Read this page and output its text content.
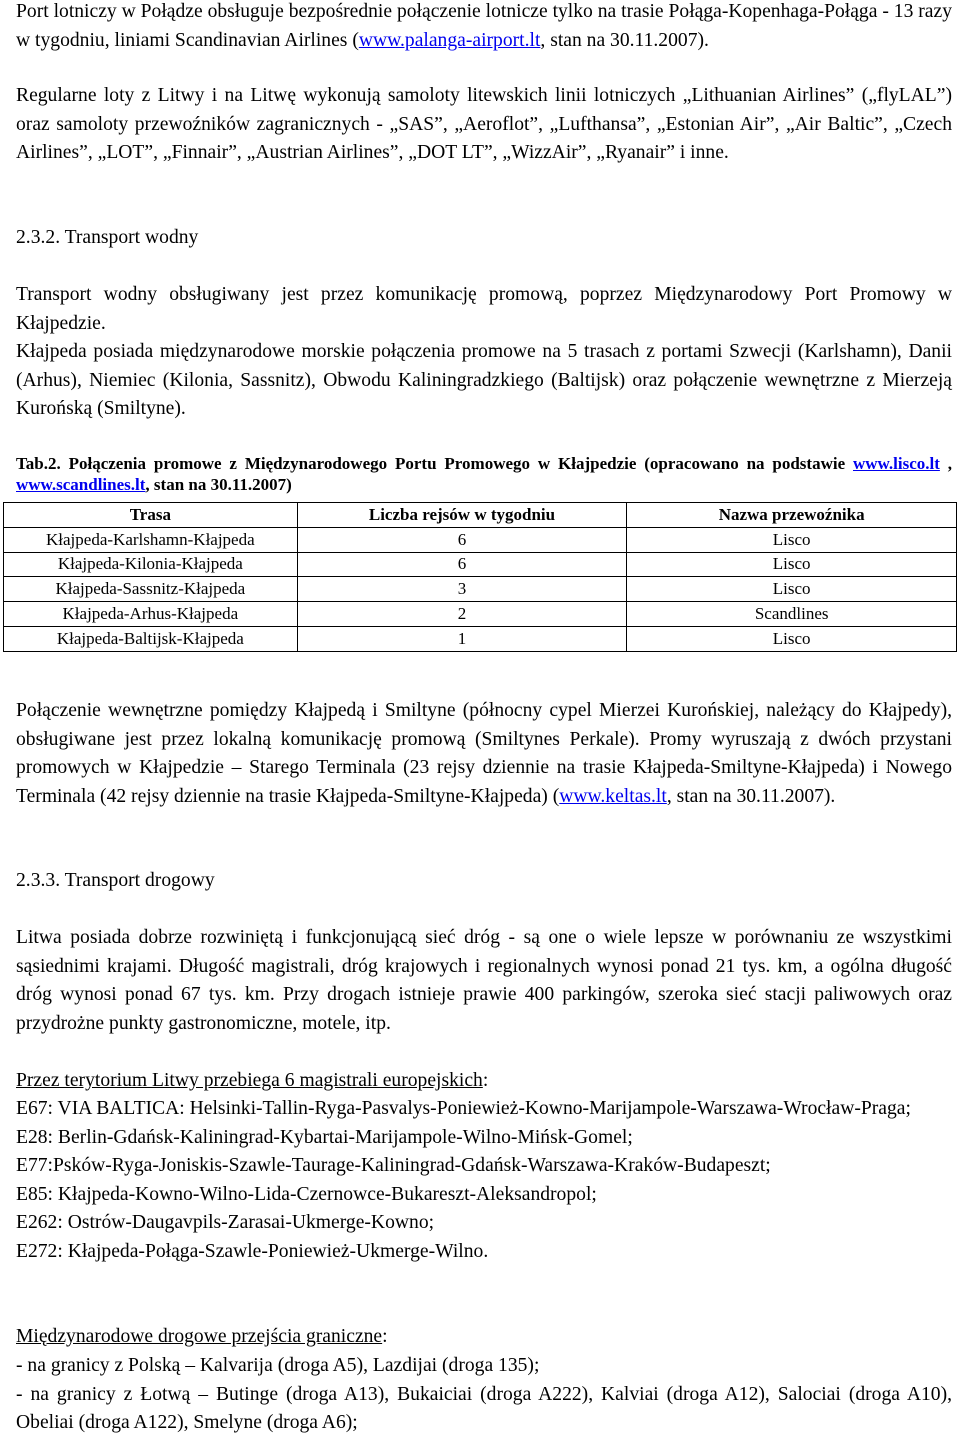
Port lotniczy w Połądze obsługuje bezpośrednie połączenie lotnicze tylko na trasie Połąga-Kopenhaga-Połąga - 13 razy w tygodniu, liniami Scandinavian Airlines (www.palanga-airport.lt, stan na 30.11.2007).

Regularne loty z Litwy i na Litwę wykonują samoloty litewskich linii lotniczych „Lithuanian Airlines” („flyLAL”) oraz samoloty przewoźników zagranicznych - „SAS”, „Aeroflot”, „Lufthansa”, „Estonian Air”, „Air Baltic”, „Czech Airlines”, „LOT”, „Finnair”, „Austrian Airlines”, „DOT LT”, „WizzAir”, „Ryanair” i inne.

2.3.2. Transport wodny

Transport wodny obsługiwany jest przez komunikację promową, poprzez Międzynarodowy Port Promowy w Kłajpedzie.

Kłajpeda posiada międzynarodowe morskie połączenia promowe na 5 trasach z portami Szwecji (Karlshamn), Danii (Arhus), Niemiec (Kilonia, Sassnitz), Obwodu Kaliningradzkiego (Baltijsk) oraz połączenie wewnętrzne z Mierzeją Kurońską (Smiltyne).

Tab.2. Połączenia promowe z Międzynarodowego Portu Promowego w Kłajpedzie (opracowano na podstawie www.lisco.lt , www.scandlines.lt, stan na 30.11.2007)

Trasa	Liczba rejsów w tygodniu	Nazwa przewoźnika
Kłajpeda-Karlshamn-Kłajpeda	6	Lisco
Kłajpeda-Kilonia-Kłajpeda	6	Lisco
Kłajpeda-Sassnitz-Kłajpeda	3	Lisco
Kłajpeda-Arhus-Kłajpeda	2	Scandlines
Kłajpeda-Baltijsk-Kłajpeda	1	Lisco

Połączenie wewnętrzne pomiędzy Kłajpedą i Smiltyne (północny cypel Mierzei Kurońskiej, należący do Kłajpedy), obsługiwane jest przez lokalną komunikację promową (Smiltynes Perkale). Promy wyruszają z dwóch przystani promowych w Kłajpedzie – Starego Terminala (23 rejsy dziennie na trasie Kłajpeda-Smiltyne-Kłajpeda) i Nowego Terminala (42 rejsy dziennie na trasie Kłajpeda-Smiltyne-Kłajpeda) (www.keltas.lt, stan na 30.11.2007).

2.3.3. Transport drogowy

Litwa posiada dobrze rozwiniętą i funkcjonującą sieć dróg - są one o wiele lepsze w porównaniu ze wszystkimi sąsiednimi krajami. Długość magistrali, dróg krajowych i regionalnych wynosi ponad 21 tys. km, a ogólna długość dróg wynosi ponad 67 tys. km. Przy drogach istnieje prawie 400 parkingów, szeroka sieć stacji paliwowych oraz przydrożne punkty gastronomiczne, motele, itp.

Przez terytorium Litwy przebiega 6 magistrali europejskich:

E67: VIA BALTICA: Helsinki-Tallin-Ryga-Pasvalys-Poniewież-Kowno-Marijampole-Warszawa-Wrocław-Praga;
E28: Berlin-Gdańsk-Kaliningrad-Kybartai-Marijampole-Wilno-Mińsk-Gomel;
E77:Psków-Ryga-Joniskis-Szawle-Taurage-Kaliningrad-Gdańsk-Warszawa-Kraków-Budapeszt;
E85: Kłajpeda-Kowno-Wilno-Lida-Czernowce-Bukareszt-Aleksandropol;
E262: Ostrów-Daugavpils-Zarasai-Ukmerge-Kowno;
E272: Kłajpeda-Połąga-Szawle-Poniewież-Ukmerge-Wilno.

Międzynarodowe drogowe przejścia graniczne:

- na granicy z Polską – Kalvarija (droga A5), Lazdijai (droga 135);
- na granicy z Łotwą – Butinge (droga A13), Bukaiciai (droga A222), Kalviai (droga A12), Salociai (droga A10), Obeliai (droga A122), Smelyne (droga A6);
